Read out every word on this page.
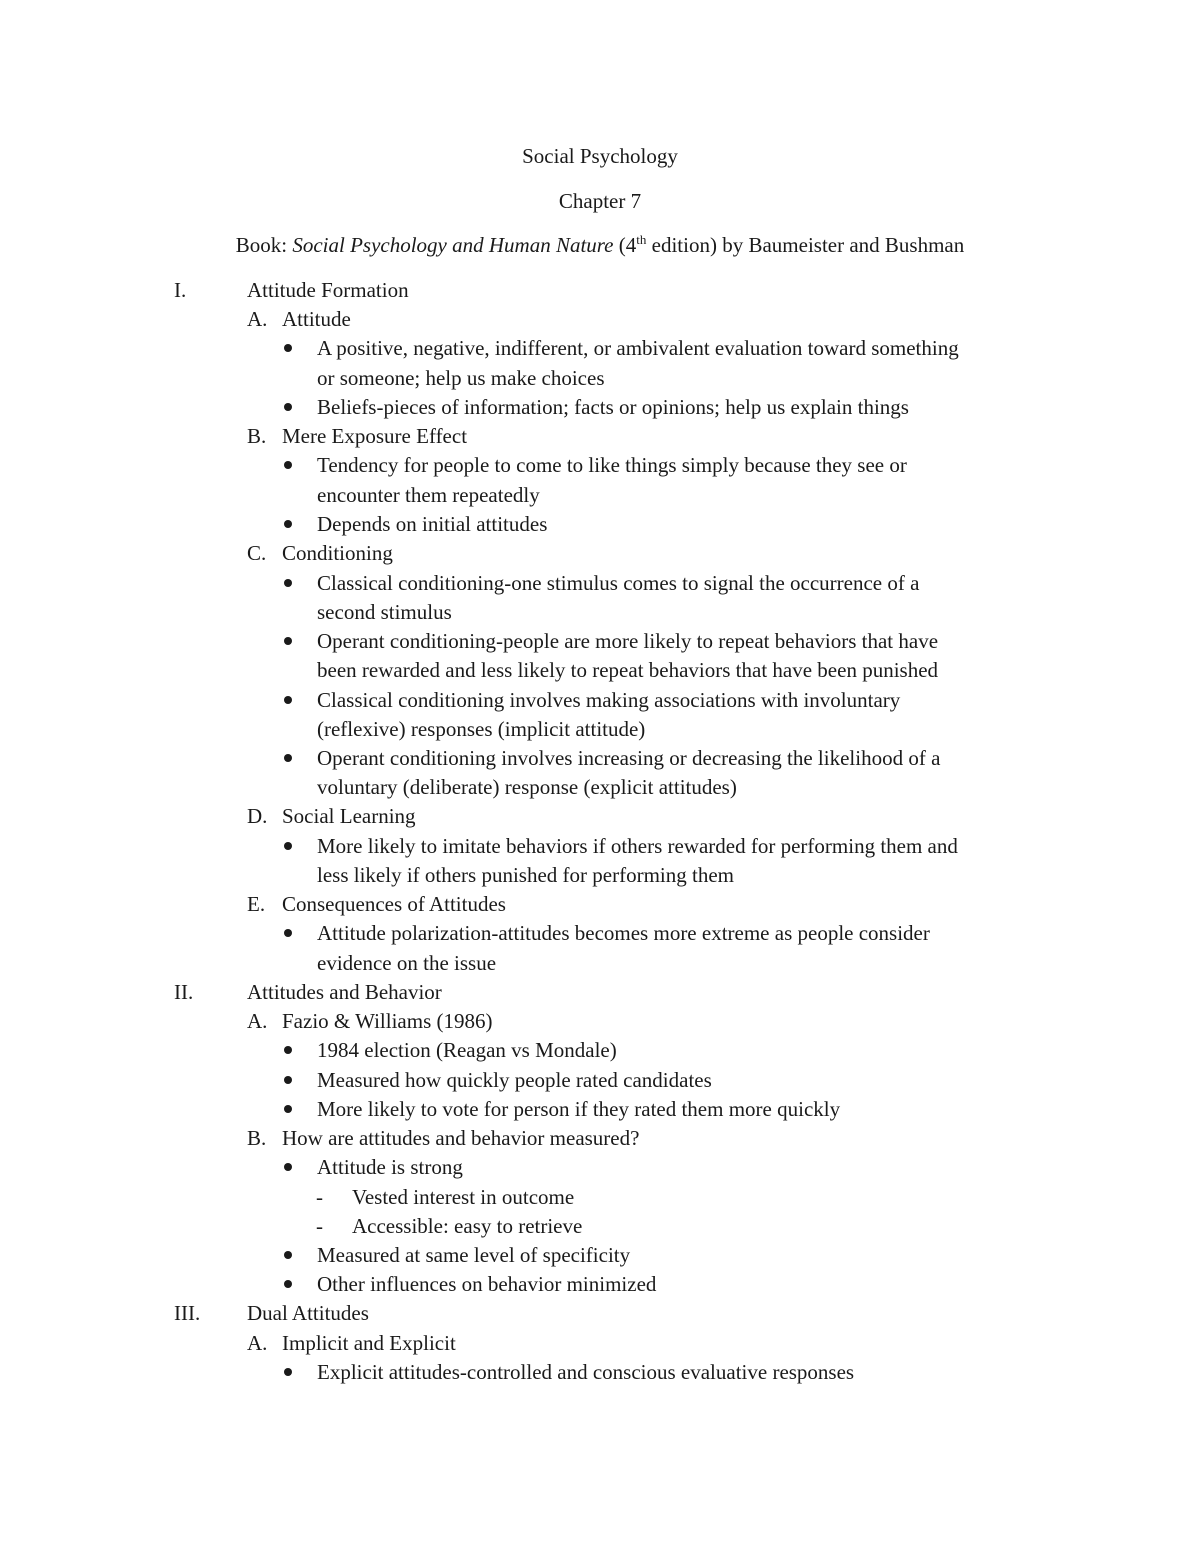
Social Psychology
Chapter 7
Book: Social Psychology and Human Nature (4th edition) by Baumeister and Bushman
I.	Attitude Formation
A. Attitude
A positive, negative, indifferent, or ambivalent evaluation toward something
or someone; help us make choices
Beliefs-pieces of information; facts or opinions; help us explain things
B. Mere Exposure Effect
Tendency for people to come to like things simply because they see or
encounter them repeatedly
Depends on initial attitudes
C. Conditioning
Classical conditioning-one stimulus comes to signal the occurrence of a
second stimulus
Operant conditioning-people are more likely to repeat behaviors that have
been rewarded and less likely to repeat behaviors that have been punished
Classical conditioning involves making associations with involuntary
(reflexive) responses (implicit attitude)
Operant conditioning involves increasing or decreasing the likelihood of a
voluntary (deliberate) response (explicit attitudes)
D. Social Learning
More likely to imitate behaviors if others rewarded for performing them and
less likely if others punished for performing them
E. Consequences of Attitudes
Attitude polarization-attitudes becomes more extreme as people consider
evidence on the issue
II.	Attitudes and Behavior
A. Fazio & Williams (1986)
1984 election (Reagan vs Mondale)
Measured how quickly people rated candidates
More likely to vote for person if they rated them more quickly
B. How are attitudes and behavior measured?
Attitude is strong
- Vested interest in outcome
- Accessible: easy to retrieve
Measured at same level of specificity
Other influences on behavior minimized
III. Dual Attitudes
A. Implicit and Explicit
Explicit attitudes-controlled and conscious evaluative responses
